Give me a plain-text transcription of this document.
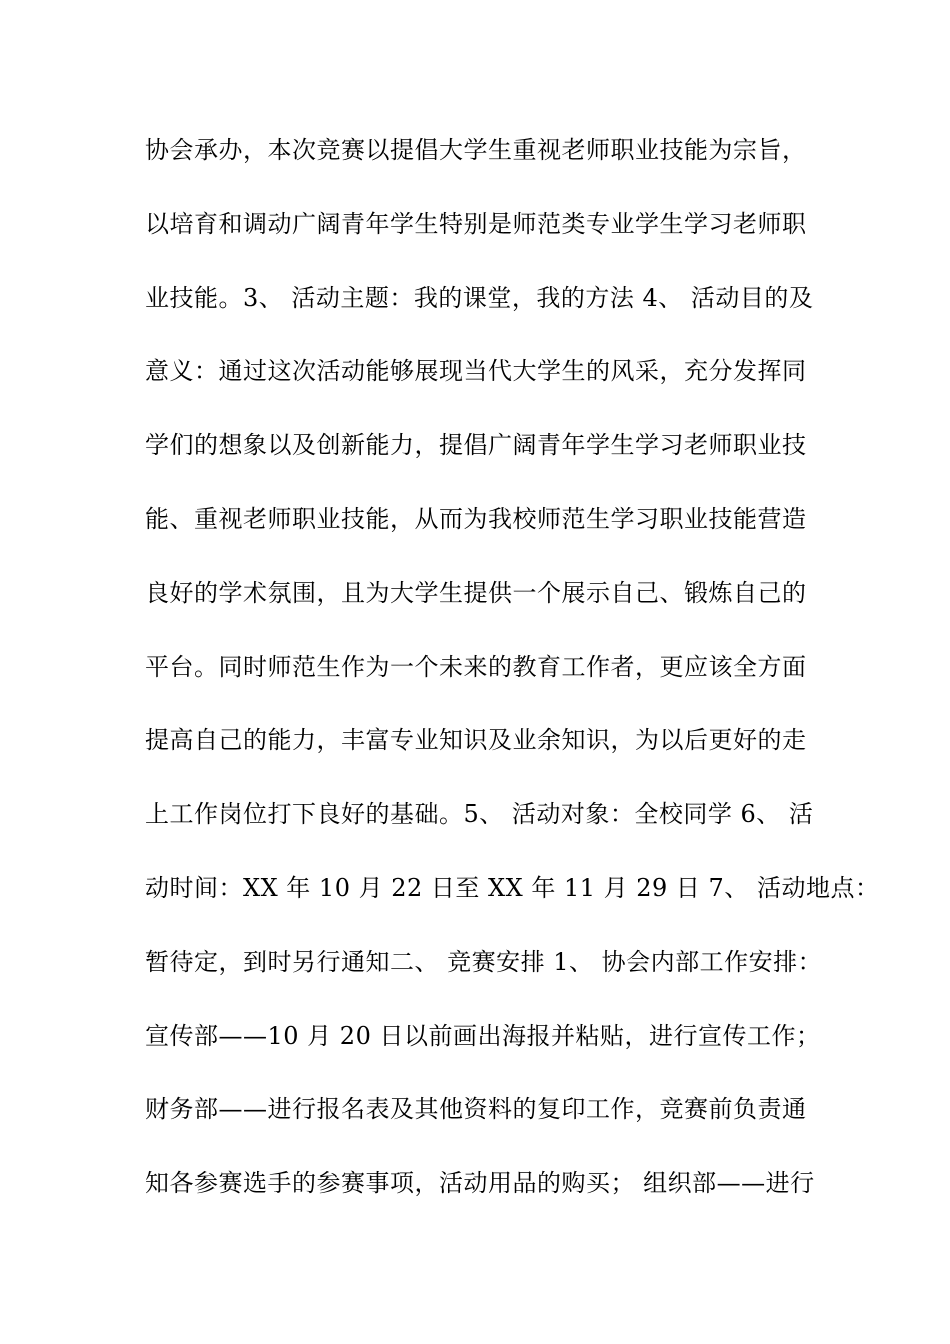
协会承办，本次竞赛以提倡大学生重视老师职业技能为宗旨，
以培育和调动广阔青年学生特别是师范类专业学生学习老师职
业技能。3、 活动主题：我的课堂，我的方法 4、 活动目的及
意义：通过这次活动能够展现当代大学生的风采，充分发挥同
学们的想象以及创新能力，提倡广阔青年学生学习老师职业技
能、重视老师职业技能，从而为我校师范生学习职业技能营造
良好的学术氛围，且为大学生提供一个展示自己、锻炼自己的
平台。同时师范生作为一个未来的教育工作者，更应该全方面
提高自己的能力，丰富专业知识及业余知识，为以后更好的走
上工作岗位打下良好的基础。5、 活动对象：全校同学 6、 活
动时间：XX 年 10 月 22 日至 XX 年 11 月 29 日 7、 活动地点：
暂待定，到时另行通知二、 竞赛安排 1、 协会内部工作安排：
宣传部——10 月 20 日以前画出海报并粘贴，进行宣传工作；
财务部——进行报名表及其他资料的复印工作，竞赛前负责通
知各参赛选手的参赛事项，活动用品的购买； 组织部——进行
